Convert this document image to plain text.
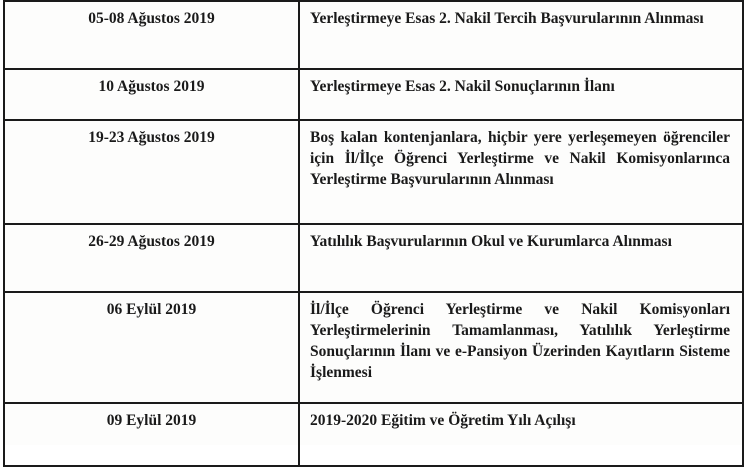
05-08 Ağustos 2019	Yerleştirmeye Esas 2. Nakil Tercih Başvurularının Alınması
10 Ağustos 2019	Yerleştirmeye Esas 2. Nakil Sonuçlarının İlanı
19-23 Ağustos 2019	Boş kalan kontenjanlara, hiçbir yere yerleşemeyen öğrenciler için İl/İlçe Öğrenci Yerleştirme ve Nakil Komisyonlarınca Yerleştirme Başvurularının Alınması
26-29 Ağustos 2019	Yatılılık Başvurularının Okul ve Kurumlarca Alınması
06 Eylül 2019	İl/İlçe Öğrenci Yerleştirme ve Nakil Komisyonları Yerleştirmelerinin Tamamlanması, Yatılılık Yerleştirme Sonuçlarının İlanı ve e-Pansiyon Üzerinden Kayıtların Sisteme İşlenmesi
09 Eylül 2019	2019-2020 Eğitim ve Öğretim Yılı Açılışı
